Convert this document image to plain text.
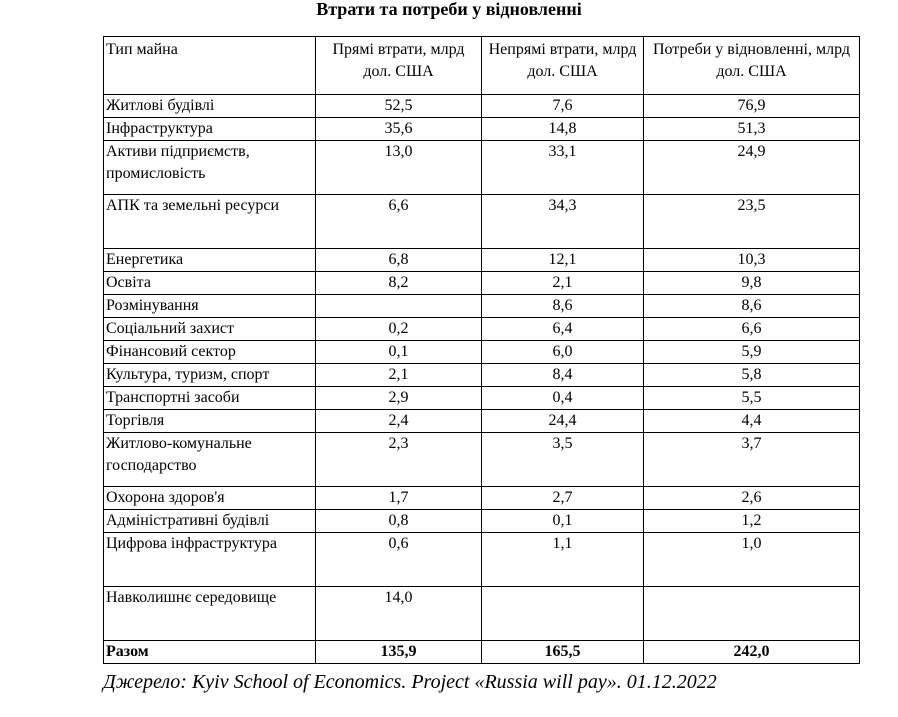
Втрати та потреби у відновленні
Тип майна	Прямі втрати, млрд дол. США	Непрямі втрати, млрд дол. США	Потреби у відновленні, млрд дол. США
Житлові будівлі	52,5	7,6	76,9
Інфраструктура	35,6	14,8	51,3
Активи підприємств, промисловість	13,0	33,1	24,9
АПК та земельні ресурси	6,6	34,3	23,5
Енергетика	6,8	12,1	10,3
Освіта	8,2	2,1	9,8
Розмінування		8,6	8,6
Соціальний захист	0,2	6,4	6,6
Фінансовий сектор	0,1	6,0	5,9
Культура, туризм, спорт	2,1	8,4	5,8
Транспортні засоби	2,9	0,4	5,5
Торгівля	2,4	24,4	4,4
Житлово-комунальне господарство	2,3	3,5	3,7
Охорона здоров'я	1,7	2,7	2,6
Адміністративні будівлі	0,8	0,1	1,2
Цифрова інфраструктура	0,6	1,1	1,0
Навколишнє середовище	14,0		
Разом	135,9	165,5	242,0

Джерело: Kyiv School of Economics. Project «Russia will pay». 01.12.2022
